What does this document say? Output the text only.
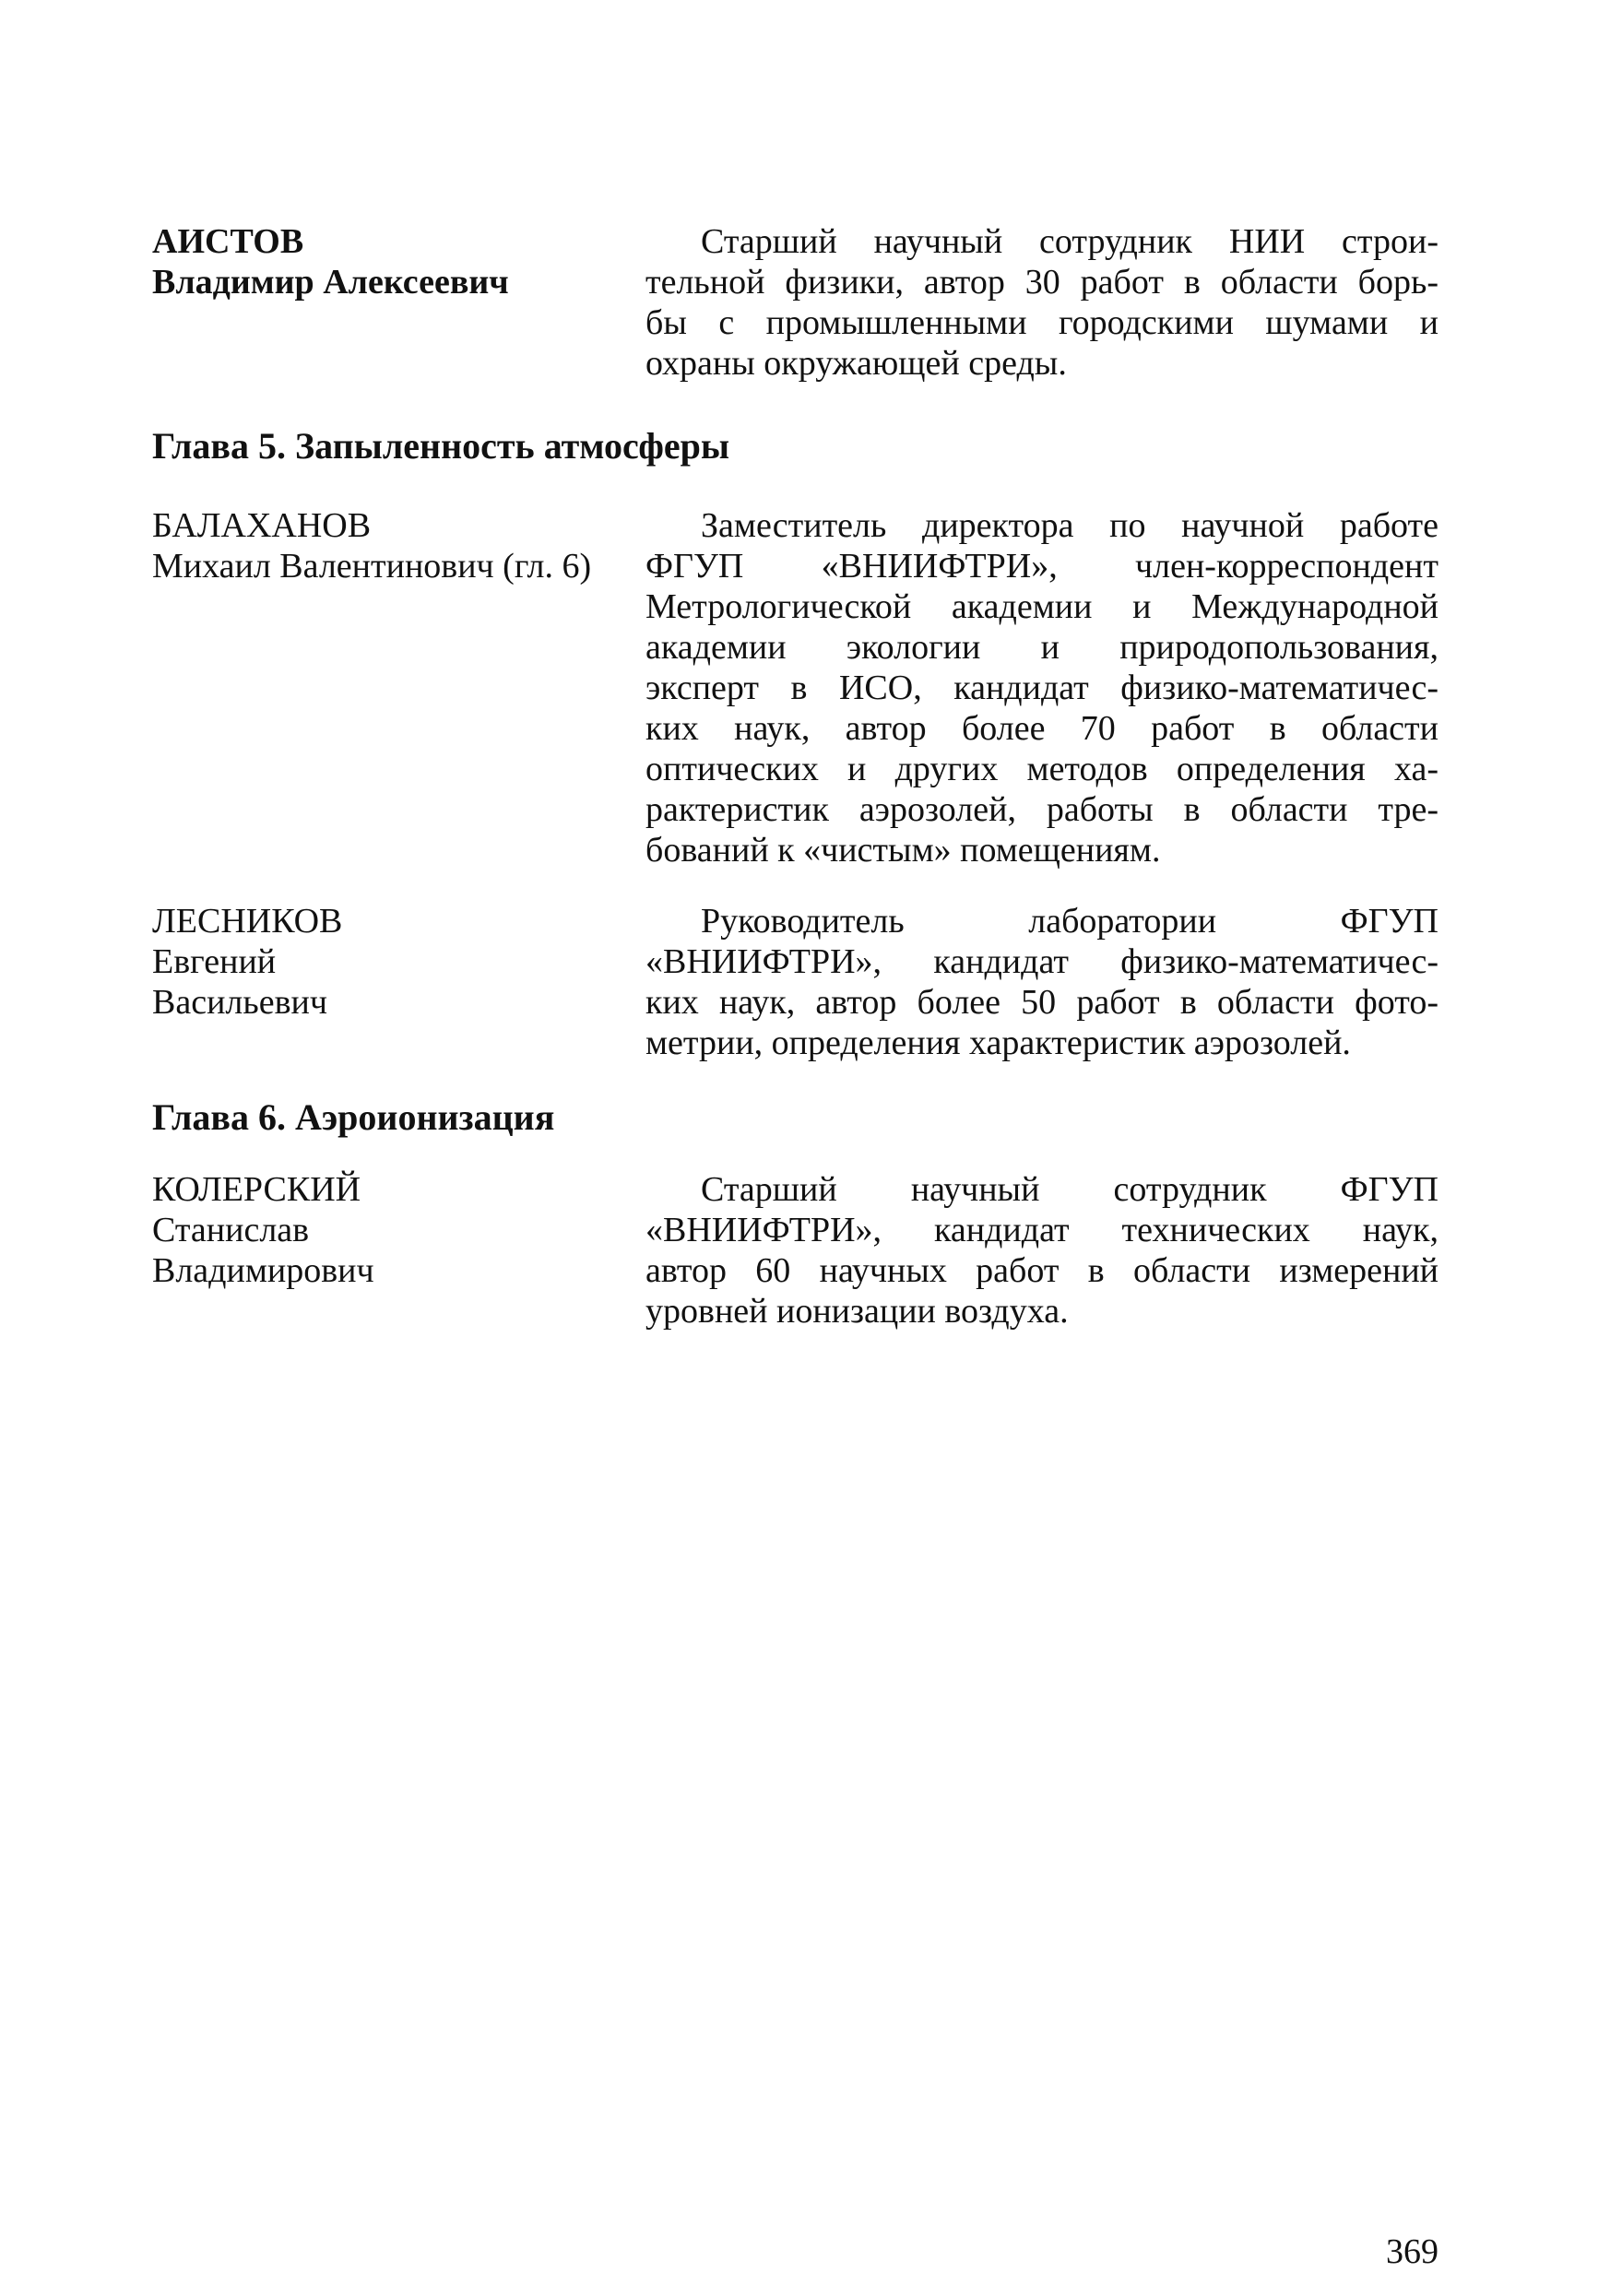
АИСТОВ
Владимир Алексеевич
Старший научный сотрудник НИИ строи-
тельной физики, автор 30 работ в области борь-
бы с промышленными городскими шумами и
охраны окружающей среды.
Глава 5. Запыленность атмосферы
БАЛАХАНОВ
Михаил Валентинович (гл. 6)
Заместитель директора по научной работе
ФГУП «ВНИИФТРИ», член-корреспондент
Метрологической академии и Международной
академии экологии и природопользования,
эксперт в ИСО, кандидат физико-математичес-
ких наук, автор более 70 работ в области
оптических и других методов определения ха-
рактеристик аэрозолей, работы в области тре-
бований к «чистым» помещениям.
ЛЕСНИКОВ
Евгений
Васильевич
Руководитель лаборатории ФГУП
«ВНИИФТРИ», кандидат физико-математичес-
ких наук, автор более 50 работ в области фото-
метрии, определения характеристик аэрозолей.
Глава 6. Аэроионизация
КОЛЕРСКИЙ
Станислав
Владимирович
Старший научный сотрудник ФГУП
«ВНИИФТРИ», кандидат технических наук,
автор 60 научных работ в области измерений
уровней ионизации воздуха.
369
